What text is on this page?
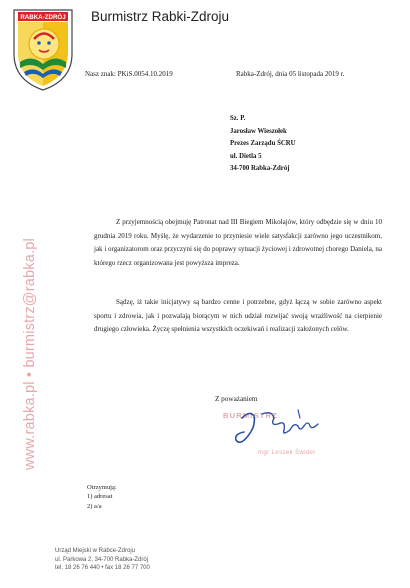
RABKA-ZDRÓJ Burmistrz Rabki-Zdroju
www.rabka.pl • burmistrz@rabka.pl
Nasz znak: PKiS.0054.10.2019	Rabka-Zdrój, dnia 05 listopada 2019 r.
Sz. P.
Jarosław Wieszołek
Prezes Zarządu ŚCRU
ul. Dietla 5
34-700 Rabka-Zdrój
Z przyjemnością obejmuję Patronat nad III Biegiem Mikołajów, który odbędzie się w dniu 10 grudnia 2019 roku. Myślę, że wydarzenie to przyniesie wiele satysfakcji zarówno jego uczestnikom, jak i organizatorom oraz przyczyni się do poprawy sytuacji życiowej i zdrowotnej chorego Daniela, na którego rzecz organizowana jest powyższa impreza.
Sądzę, iż takie inicjatywy są bardzo cenne i potrzebne, gdyż łączą w sobie zarówno aspekt sportu i zdrowia, jak i pozwalają biorącym w nich udział rozwijać swoją wrażliwość na cierpienie drugiego człowieka. Życzę spełnienia wszystkich oczekiwań i realizacji założonych celów.
Z poważaniem
BURMISTRZ
mgr Leszek Świder
Otrzymują:
1) adresat
2) a/a
Urząd Miejski w Rabce-Zdroju
ul. Parkowa 2, 34-700 Rabka-Zdrój
tel. 18 26 76 440 • fax 18 26 77 700
